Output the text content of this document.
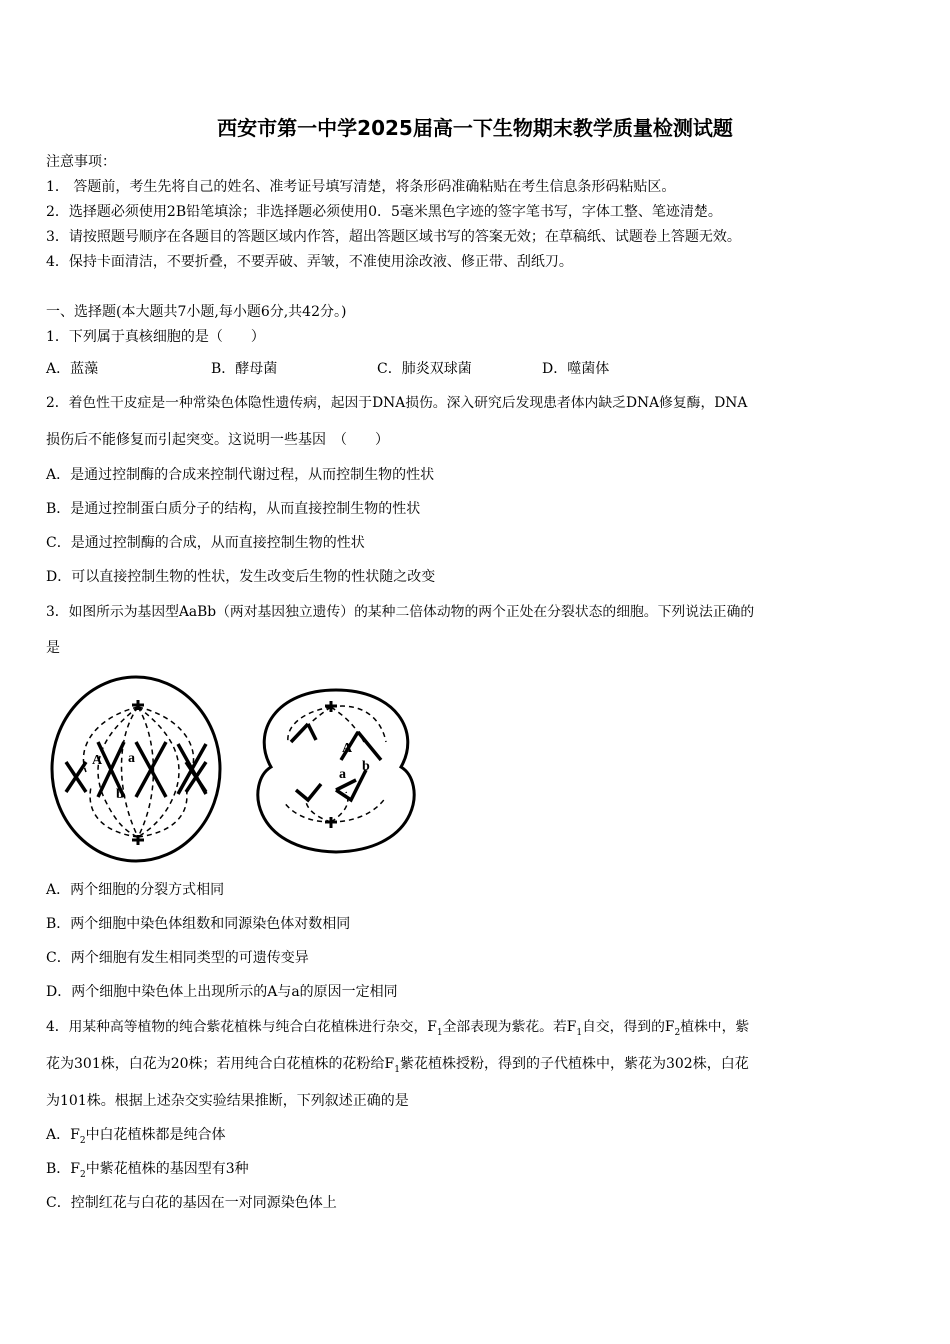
西安市第一中学2025届高一下生物期末教学质量检测试题
注意事项：
1． 答题前，考生先将自己的姓名、准考证号填写清楚，将条形码准确粘贴在考生信息条形码粘贴区。
2．选择题必须使用2B铅笔填涂；非选择题必须使用0．5毫米黑色字迹的签字笔书写，字体工整、笔迹清楚。
3．请按照题号顺序在各题目的答题区域内作答，超出答题区域书写的答案无效；在草稿纸、试题卷上答题无效。
4．保持卡面清洁，不要折叠，不要弄破、弄皱，不准使用涂改液、修正带、刮纸刀。
一、选择题(本大题共7小题,每小题6分,共42分。)
1．下列属于真核细胞的是（　　）
A．蓝藻	B．酵母菌	C．肺炎双球菌	D．噬菌体
2．着色性干皮症是一种常染色体隐性遗传病，起因于DNA损伤。深入研究后发现患者体内缺乏DNA修复酶，DNA
损伤后不能修复而引起突变。这说明一些基因　（　　）
A．是通过控制酶的合成来控制代谢过程，从而控制生物的性状
B．是通过控制蛋白质分子的结构，从而直接控制生物的性状
C．是通过控制酶的合成，从而直接控制生物的性状
D．可以直接控制生物的性状，发生改变后生物的性状随之改变
3．如图所示为基因型AaBb（两对基因独立遗传）的某种二倍体动物的两个正处在分裂状态的细胞。下列说法正确的
是
A a
b
A
a
b
A．两个细胞的分裂方式相同
B．两个细胞中染色体组数和同源染色体对数相同
C．两个细胞有发生相同类型的可遗传变异
D．两个细胞中染色体上出现所示的A与a的原因一定相同
4．用某种高等植物的纯合紫花植株与纯合白花植株进行杂交，$F_1$全部表现为紫花。若$F_1$自交，得到的$F_2$植株中，紫
花为301株，白花为20株；若用纯合白花植株的花粉给$F_1$紫花植株授粉，得到的子代植株中，紫花为302株，白花
为101株。根据上述杂交实验结果推断，下列叙述正确的是
A．$F_2$中白花植株都是纯合体
B．$F_2$中紫花植株的基因型有3种
C．控制红花与白花的基因在一对同源染色体上
